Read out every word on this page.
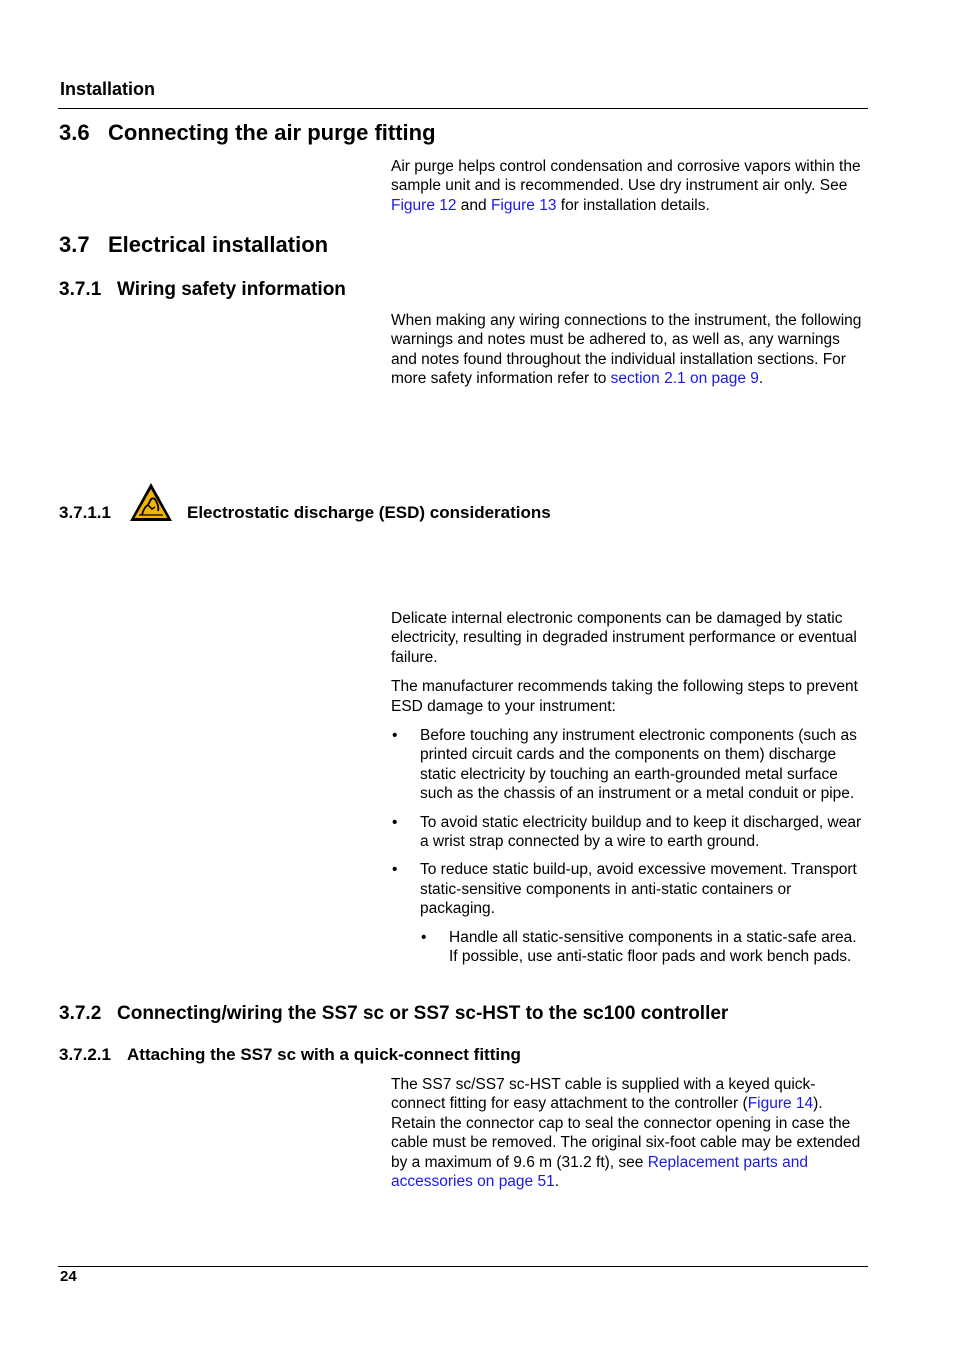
Installation
3.6 Connecting the air purge fitting

Air purge helps control condensation and corrosive vapors within the sample unit and is recommended. Use dry instrument air only. See Figure 12 and Figure 13 for installation details.

3.7 Electrical installation
3.7.1 Wiring safety information

When making any wiring connections to the instrument, the following warnings and notes must be adhered to, as well as, any warnings and notes found throughout the individual installation sections. For more safety information refer to section 2.1 on page 9.

3.7.1.1	Electrostatic discharge (ESD) considerations

Delicate internal electronic components can be damaged by static electricity, resulting in degraded instrument performance or eventual failure.

The manufacturer recommends taking the following steps to prevent ESD damage to your instrument:

• Before touching any instrument electronic components (such as printed circuit cards and the components on them) discharge static electricity by touching an earth-grounded metal surface such as the chassis of an instrument or a metal conduit or pipe.
• To avoid static electricity buildup and to keep it discharged, wear a wrist strap connected by a wire to earth ground.
• To reduce static build-up, avoid excessive movement. Transport static-sensitive components in anti-static containers or packaging.
• Handle all static-sensitive components in a static-safe area. If possible, use anti-static floor pads and work bench pads.
3.7.2 Connecting/wiring the SS7 sc or SS7 sc-HST to the sc100 controller
3.7.2.1 Attaching the SS7 sc with a quick-connect fitting

The SS7 sc/SS7 sc-HST cable is supplied with a keyed quick-connect fitting for easy attachment to the controller (Figure 14). Retain the connector cap to seal the connector opening in case the cable must be removed. The original six-foot cable may be extended by a maximum of 9.6 m (31.2 ft), see Replacement parts and accessories on page 51.

24
